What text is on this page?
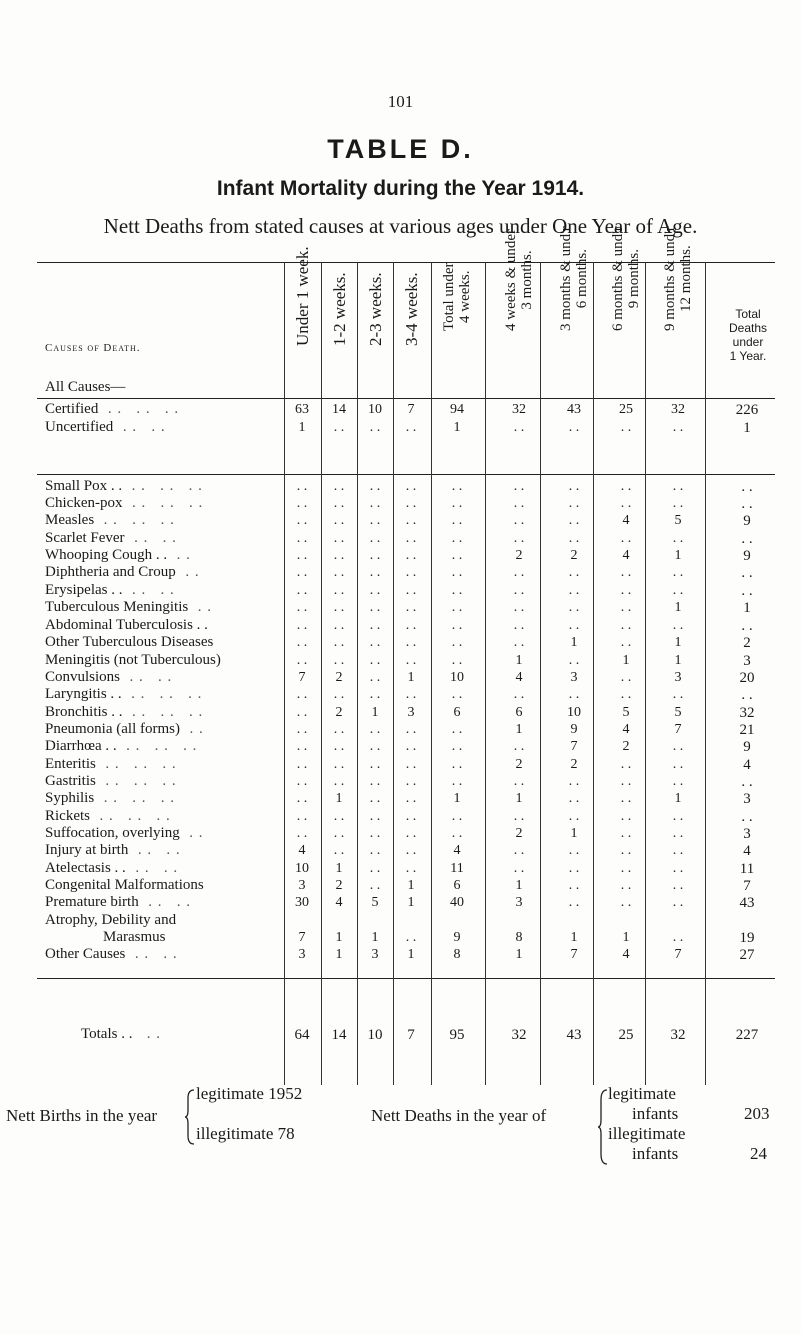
101
TABLE D.
Infant Mortality during the Year 1914.
Nett Deaths from stated causes at various ages under One Year of Age.
Causes of Death.
Total
Deaths
under
1 Year.
All Causes—
Under 1 week. 1-2 weeks. 2-3 weeks. 3-4 weeks. Total under 4 weeks. 4 weeks & under 3 months. 3 months & und'r 6 months. 6 months & und'r 9 months. 9 months & und'r 12 months.
Certified  . .   . .   . .	63	14	10	7	94	32	43	25	32	226
Uncertified  . .   . .	1	. .	. .	. .	1	. .	. .	. .	. .	1
Small Pox . .  . .   . .   . .	. .	. .	. .	. .	. .	. .	. .	. .	. .	. .
Chicken-pox  . .   . .   . .	. .	. .	. .	. .	. .	. .	. .	. .	. .	. .
Measles  . .   . .   . .	. .	. .	. .	. .	. .	. .	. .	4	5	9
Scarlet Fever  . .   . .	. .	. .	. .	. .	. .	. .	. .	. .	. .	. .
Whooping Cough . .  . .	. .	. .	. .	. .	. .	2	2	4	1	9
Diphtheria and Croup  . .	. .	. .	. .	. .	. .	. .	. .	. .	. .	. .
Erysipelas . .  . .   . .	. .	. .	. .	. .	. .	. .	. .	. .	. .	. .
Tuberculous Meningitis  . .	. .	. .	. .	. .	. .	. .	. .	. .	1	1
Abdominal Tuberculosis . .	. .	. .	. .	. .	. .	. .	. .	. .	. .	. .
Other Tuberculous Diseases	. .	. .	. .	. .	. .	. .	1	. .	1	2
Meningitis (not Tuberculous)	. .	. .	. .	. .	. .	1	. .	1	1	3
Convulsions  . .   . .	7	2	. .	1	10	4	3	. .	3	20
Laryngitis . .  . .   . .   . .	. .	. .	. .	. .	. .	. .	. .	. .	. .	. .
Bronchitis . .  . .   . .   . .	. .	2	1	3	6	6	10	5	5	32
Pneumonia (all forms)  . .	. .	. .	. .	. .	. .	1	9	4	7	21
Diarrhœa . .  . .   . .   . .	. .	. .	. .	. .	. .	. .	7	2	. .	9
Enteritis  . .   . .   . .	. .	. .	. .	. .	. .	2	2	. .	. .	4
Gastritis  . .   . .   . .	. .	. .	. .	. .	. .	. .	. .	. .	. .	. .
Syphilis  . .   . .   . .	. .	1	. .	. .	1	1	. .	. .	1	3
Rickets  . .   . .   . .	. .	. .	. .	. .	. .	. .	. .	. .	. .	. .
Suffocation, overlying  . .	. .	. .	. .	. .	. .	2	1	. .	. .	3
Injury at birth  . .   . .	4	. .	. .	. .	4	. .	. .	. .	. .	4
Atelectasis . .  . .   . .	10	1	. .	. .	11	. .	. .	. .	. .	11
Congenital Malformations	3	2	. .	1	6	1	. .	. .	. .	7
Premature birth  . .   . .	30	4	5	1	40	3	. .	. .	. .	43
Atrophy, Debility and
Marasmus	7	1	1	. .	9	8	1	1	. .	19
Other Causes  . .   . .	3	1	3	1	8	1	7	4	7	27
Totals . .   . .	64	14	10	7	95	32	43	25	32	227
Nett Births in the year
legitimate 1952
illegitimate 78
Nett Deaths in the year of
legitimate
infants	203
illegitimate
infants	24
